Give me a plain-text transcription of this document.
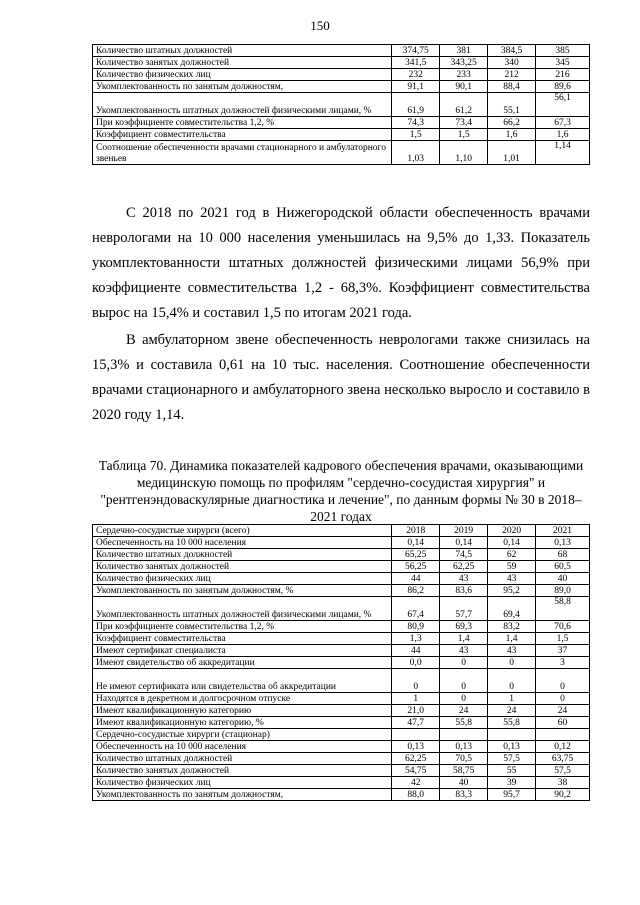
150
Количество штатных должностей	374,75	381	384,5	385
Количество занятых должностей	341,5	343,25	340	345
Количество физических лиц	232	233	212	216
Укомплектованность по занятым должностям,	91,1	90,1	88,4	89,6
Укомплектованность штатных должностей физическими лицами, %	61,9	61,2	55,1	56,1
При коэффициенте совместительства 1,2, %	74,3	73,4	66,2	67,3
Коэффициент совместительства	1,5	1,5	1,6	1,6
Соотношение обеспеченности врачами стационарного и амбулаторного звеньев	1,03	1,10	1,01	1,14

С 2018 по 2021 год в Нижегородской области обеспеченность врачами неврологами на 10 000 населения уменьшилась на 9,5% до 1,33. Показатель укомплектованности штатных должностей физическими лицами 56,9% при коэффициенте совместительства 1,2 - 68,3%. Коэффициент совместительства вырос на 15,4% и составил 1,5 по итогам 2021 года.

В амбулаторном звене обеспеченность неврологами также снизилась на 15,3% и составила 0,61 на 10 тыс. населения. Соотношение обеспеченности врачами стационарного и амбулаторного звена несколько выросло и составило в 2020 году 1,14.

Таблица 70. Динамика показателей кадрового обеспечения врачами, оказывающими медицинскую помощь по профилям "сердечно-сосудистая хирургия" и "рентгенэндоваскулярные диагностика и лечение", по данным формы № 30 в 2018–2021 годах

Сердечно-сосудистые хирурги (всего)	2018	2019	2020	2021
Обеспеченность на 10 000 населения	0,14	0,14	0,14	0,13
Количество штатных должностей	65,25	74,5	62	68
Количество занятых должностей	56,25	62,25	59	60,5
Количество физических лиц	44	43	43	40
Укомплектованность по занятым должностям, %	86,2	83,6	95,2	89,0
Укомплектованность штатных должностей физическими лицами, %	67,4	57,7	69,4	58,8
При коэффициенте совместительства 1,2, %	80,9	69,3	83,2	70,6
Коэффициент совместительства	1,3	1,4	1,4	1,5
Имеют сертификат специалиста	44	43	43	37
Имеют свидетельство об аккредитации	0,0	0	0	3
Не имеют сертификата или свидетельства об аккредитации	0	0	0	0
Находятся в декретном и долгосрочном отпуске	1	0	1	0
Имеют квалификационную категорию	21,0	24	24	24
Имеют квалификационную категорию, %	47,7	55,8	55,8	60
Сердечно-сосудистые хирурги (стационар)				
Обеспеченность на 10 000 населения	0,13	0,13	0,13	0,12
Количество штатных должностей	62,25	70,5	57,5	63,75
Количество занятых должностей	54,75	58,75	55	57,5
Количество физических лиц	42	40	39	38
Укомплектованность по занятым должностям,	88,0	83,3	95,7	90,2
